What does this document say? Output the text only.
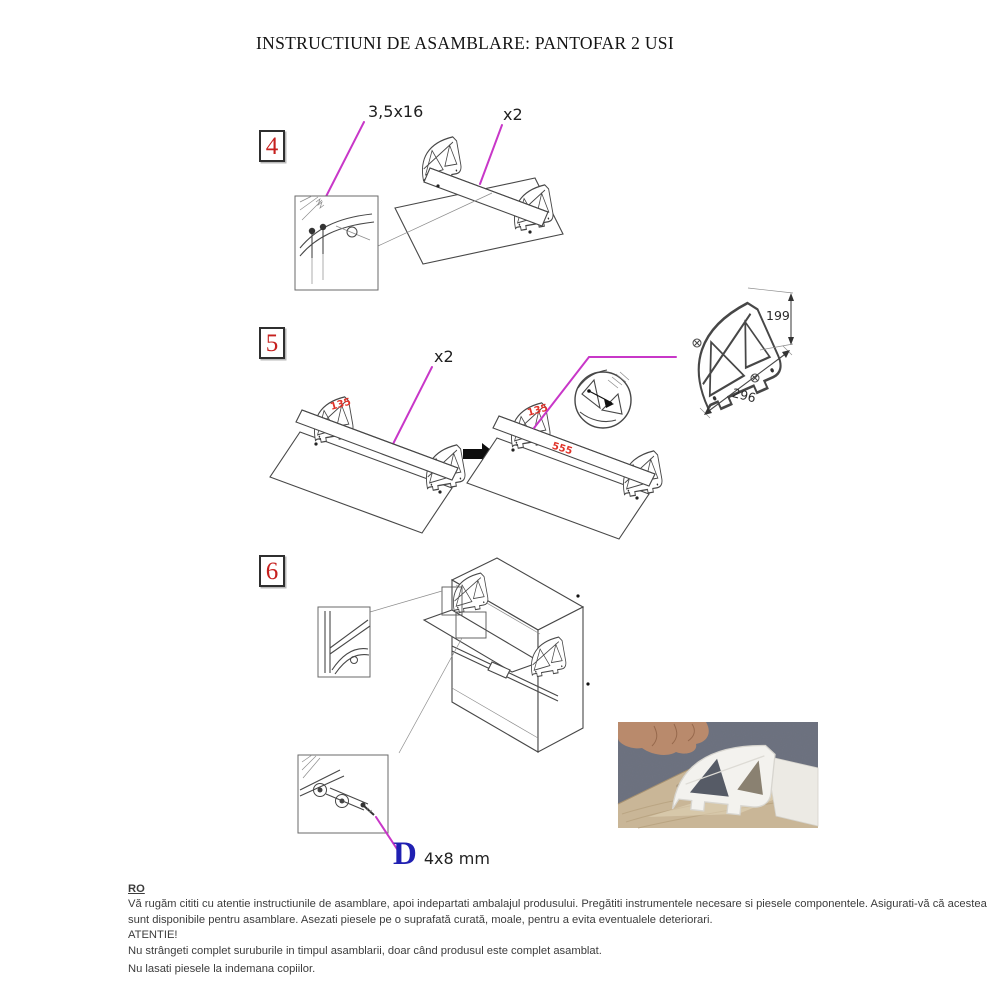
INSTRUCTIUNI DE ASAMBLARE: PANTOFAR 2 USI
4
5
6
3,5x16	x2
x2
135	135
555
199
296
D 4x8 mm
RO
Vă rugăm cititi cu atentie instructiunile de asamblare, apoi indepartati ambalajul produsului. Pregătiti instrumentele necesare si piesele componentele. Asigurati-vă că acestea
sunt disponibile pentru asamblare. Asezati piesele pe o suprafată curată, moale, pentru a evita eventualele deteriorari.
ATENTIE!
Nu strângeti complet suruburile in timpul asamblarii, doar când produsul este complet asamblat.
Nu lasati piesele la indemana copiilor.
